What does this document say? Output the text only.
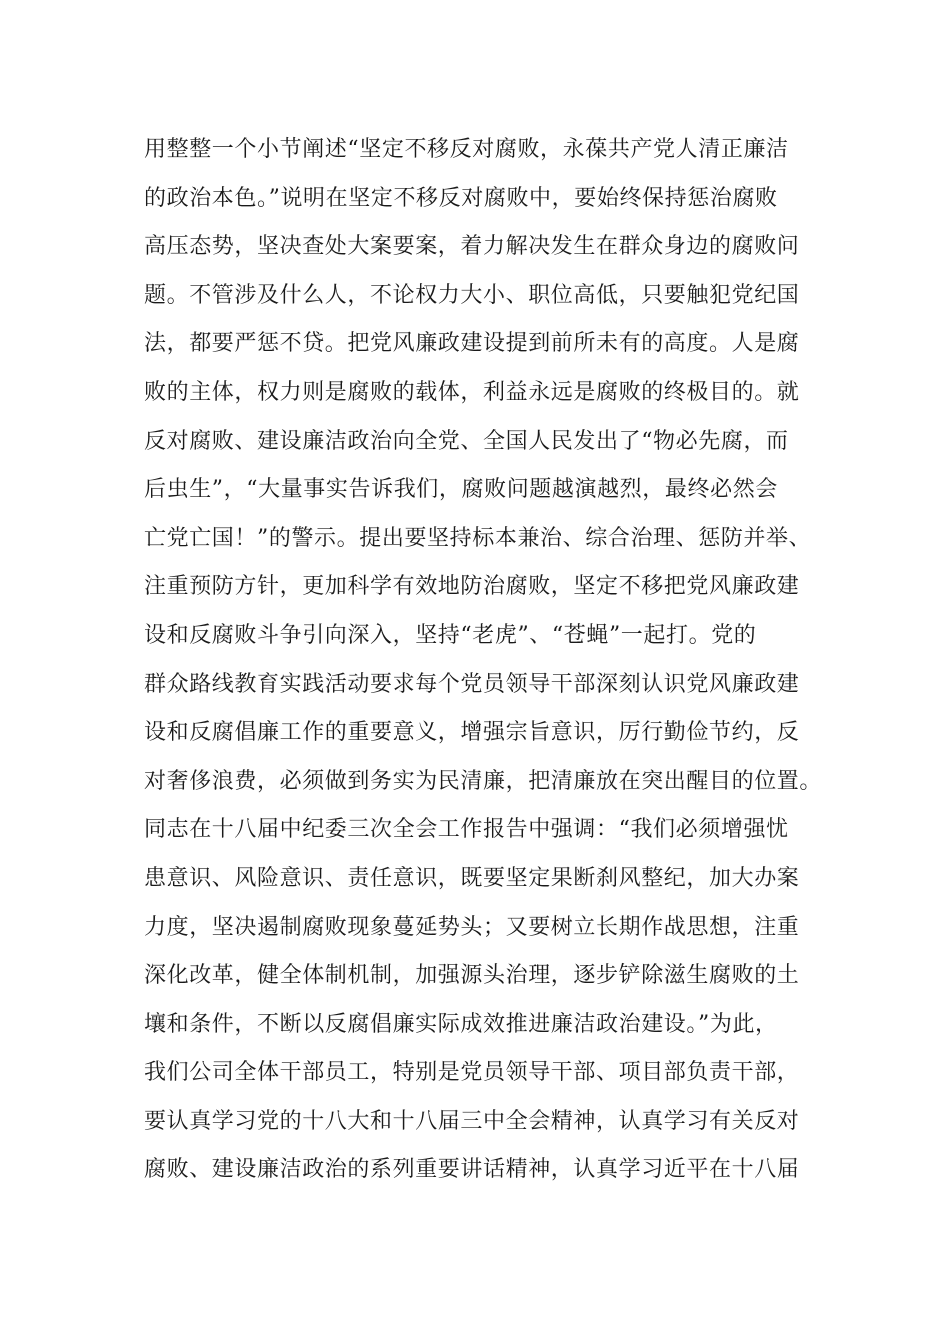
用整整一个小节阐述“坚定不移反对腐败，永葆共产党人清正廉洁
的政治本色。”说明在坚定不移反对腐败中，要始终保持惩治腐败
高压态势，坚决查处大案要案，着力解决发生在群众身边的腐败问
题。不管涉及什么人，不论权力大小、职位高低，只要触犯党纪国
法，都要严惩不贷。把党风廉政建设提到前所未有的高度。人是腐
败的主体，权力则是腐败的载体，利益永远是腐败的终极目的。就
反对腐败、建设廉洁政治向全党、全国人民发出了“物必先腐，而
后虫生”，“大量事实告诉我们，腐败问题越演越烈，最终必然会
亡党亡国！”的警示。提出要坚持标本兼治、综合治理、惩防并举、
注重预防方针，更加科学有效地防治腐败，坚定不移把党风廉政建
设和反腐败斗争引向深入，坚持“老虎”、“苍蝇”一起打。党的
群众路线教育实践活动要求每个党员领导干部深刻认识党风廉政建
设和反腐倡廉工作的重要意义，增强宗旨意识，厉行勤俭节约，反
对奢侈浪费，必须做到务实为民清廉，把清廉放在突出醒目的位置。
同志在十八届中纪委三次全会工作报告中强调：“我们必须增强忧
患意识、风险意识、责任意识，既要坚定果断刹风整纪，加大办案
力度，坚决遏制腐败现象蔓延势头；又要树立长期作战思想，注重
深化改革，健全体制机制，加强源头治理，逐步铲除滋生腐败的土
壤和条件，不断以反腐倡廉实际成效推进廉洁政治建设。”为此，
我们公司全体干部员工，特别是党员领导干部、项目部负责干部，
要认真学习党的十八大和十八届三中全会精神，认真学习有关反对
腐败、建设廉洁政治的系列重要讲话精神，认真学习近平在十八届
